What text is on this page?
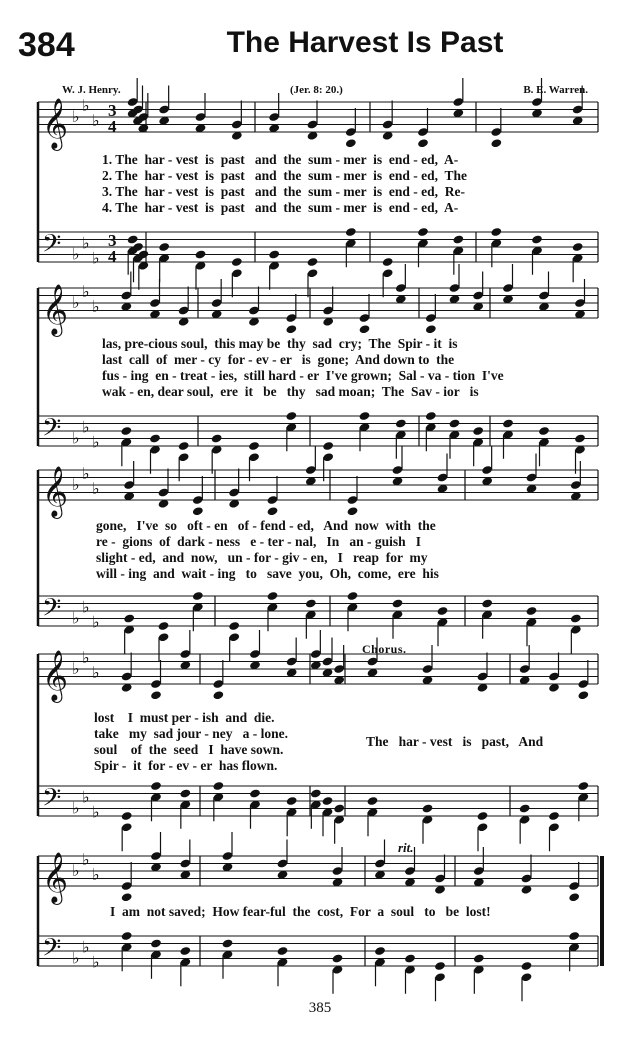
384	The Harvest Is Past
W. J. Henry.	(Jer. 8: 20.)	B. E. Warren.
𝄞 ♭
♭
♭
3
4
𝄢 ♭
♭
♭
3
4
𝄞 ♭
♭
♭
𝄢 ♭
♭
♭
𝄞 ♭
♭
♭
𝄢 ♭
♭
♭
𝄞 ♭
♭
♭
𝄢 ♭
♭
♭
𝄞 ♭
♭
♭
𝄢 ♭
♭
♭
1. The  har - vest  is  past   and  the  sum - mer  is  end - ed,  A-
2. The  har - vest  is  past   and  the  sum - mer  is  end - ed,  The
3. The  har - vest  is  past   and  the  sum - mer  is  end - ed,  Re-
4. The  har - vest  is  past   and  the  sum - mer  is  end - ed,  A-
las, pre-cious soul,  this may be  thy  sad  cry;  The  Spir - it  is
last  call  of  mer - cy  for - ev - er   is  gone;  And down to  the
fus - ing  en - treat - ies,  still hard - er  I've grown;  Sal - va - tion  I've
wak - en, dear soul,  ere  it   be   thy   sad moan;  The  Sav - ior   is
gone,   I've  so   oft - en   of - fend - ed,   And  now  with  the
re -  gions  of  dark - ness   e - ter - nal,   In   an - guish   I
slight - ed,  and  now,   un - for - giv - en,   I   reap  for  my
will - ing  and  wait - ing   to   save  you,  Oh,  come,  ere  his
Chorus.
lost    I  must per - ish  and  die.
take   my  sad jour - ney   a - lone.
soul    of  the  seed   I  have sown.
Spir -  it  for - ev - er  has flown.
The   har - vest   is   past,   And
rit.
I  am  not saved;  How fear-ful  the  cost,  For  a  soul   to   be  lost!
385
